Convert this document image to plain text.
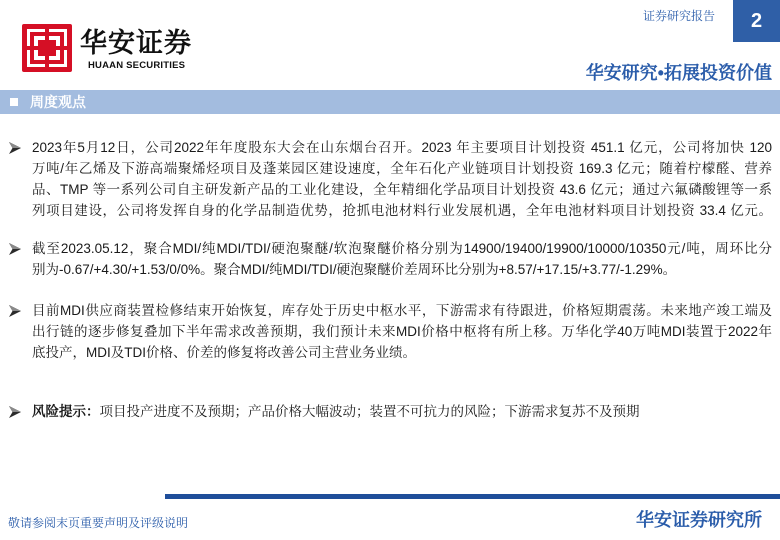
华安证券
HUAAN SECURITIES
证券研究报告 2
华安研究•拓展投资价值
周度观点
2023年5月12日，公司2022年年度股东大会在山东烟台召开。2023 年主要项目计划投资 451.1 亿元，公司将加快 120
万吨/年乙烯及下游高端聚烯烃项目及蓬莱园区建设速度，全年石化产业链项目计划投资 169.3 亿元；随着柠檬醛、营养
品、TMP 等一系列公司自主研发新产品的工业化建设，全年精细化学品项目计划投资 43.6 亿元；通过六氟磷酸锂等一系
列项目建设，公司将发挥自身的化学品制造优势，抢抓电池材料行业发展机遇，全年电池材料项目计划投资 33.4 亿元。
截至2023.05.12，聚合MDI/纯MDI/TDI/硬泡聚醚/软泡聚醚价格分别为14900/19400/19900/10000/10350元/吨，周环比分
别为-0.67/+4.30/+1.53/0/0%。聚合MDI/纯MDI/TDI/硬泡聚醚价差周环比分别为+8.57/+17.15/+3.77/-1.29%。
目前MDI供应商装置检修结束开始恢复，库存处于历史中枢水平，下游需求有待跟进，价格短期震荡。未来地产竣工端及
出行链的逐步修复叠加下半年需求改善预期，我们预计未来MDI价格中枢将有所上移。万华化学40万吨MDI装置于2022年
底投产，MDI及TDI价格、价差的修复将改善公司主营业务业绩。
风险提示：项目投产进度不及预期；产品价格大幅波动；装置不可抗力的风险；下游需求复苏不及预期
敬请参阅末页重要声明及评级说明	华安证券研究所
